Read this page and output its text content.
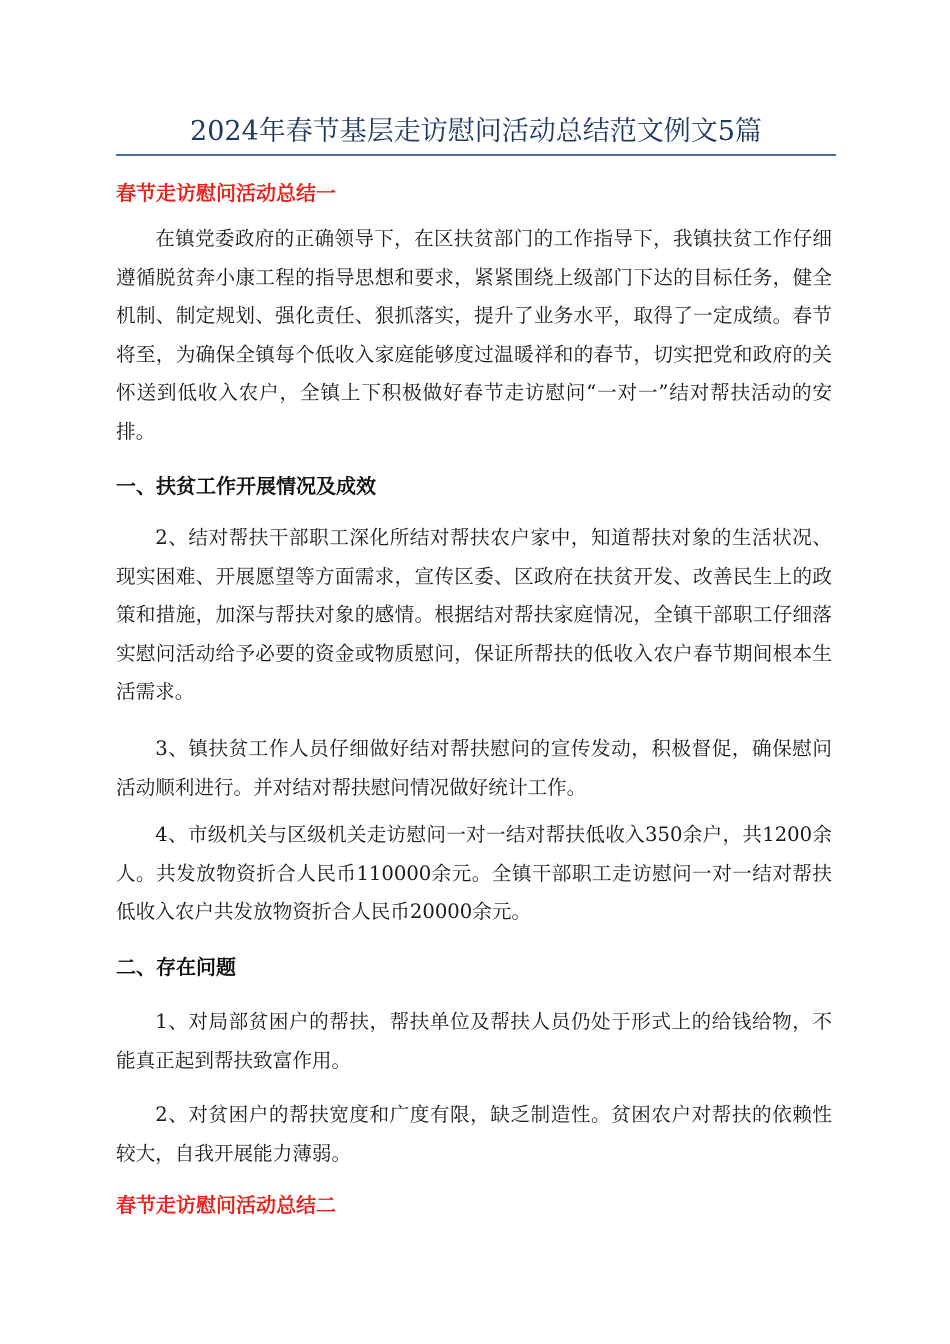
2024年春节基层走访慰问活动总结范文例文5篇
春节走访慰问活动总结一

在镇党委政府的正确领导下，在区扶贫部门的工作指导下，我镇扶贫工作仔细遵循脱贫奔小康工程的指导思想和要求，紧紧围绕上级部门下达的目标任务，健全机制、制定规划、强化责任、狠抓落实，提升了业务水平，取得了一定成绩。春节将至，为确保全镇每个低收入家庭能够度过温暖祥和的春节，切实把党和政府的关怀送到低收入农户，全镇上下积极做好春节走访慰问“一对一”结对帮扶活动的安排。

一、扶贫工作开展情况及成效

2、结对帮扶干部职工深化所结对帮扶农户家中，知道帮扶对象的生活状况、现实困难、开展愿望等方面需求，宣传区委、区政府在扶贫开发、改善民生上的政策和措施，加深与帮扶对象的感情。根据结对帮扶家庭情况，全镇干部职工仔细落实慰问活动给予必要的资金或物质慰问，保证所帮扶的低收入农户春节期间根本生活需求。

3、镇扶贫工作人员仔细做好结对帮扶慰问的宣传发动，积极督促，确保慰问活动顺利进行。并对结对帮扶慰问情况做好统计工作。

4、市级机关与区级机关走访慰问一对一结对帮扶低收入350余户，共1200余人。共发放物资折合人民币110000余元。全镇干部职工走访慰问一对一结对帮扶低收入农户共发放物资折合人民币20000余元。

二、存在问题

1、对局部贫困户的帮扶，帮扶单位及帮扶人员仍处于形式上的给钱给物，不能真正起到帮扶致富作用。

2、对贫困户的帮扶宽度和广度有限，缺乏制造性。贫困农户对帮扶的依赖性较大，自我开展能力薄弱。

春节走访慰问活动总结二
